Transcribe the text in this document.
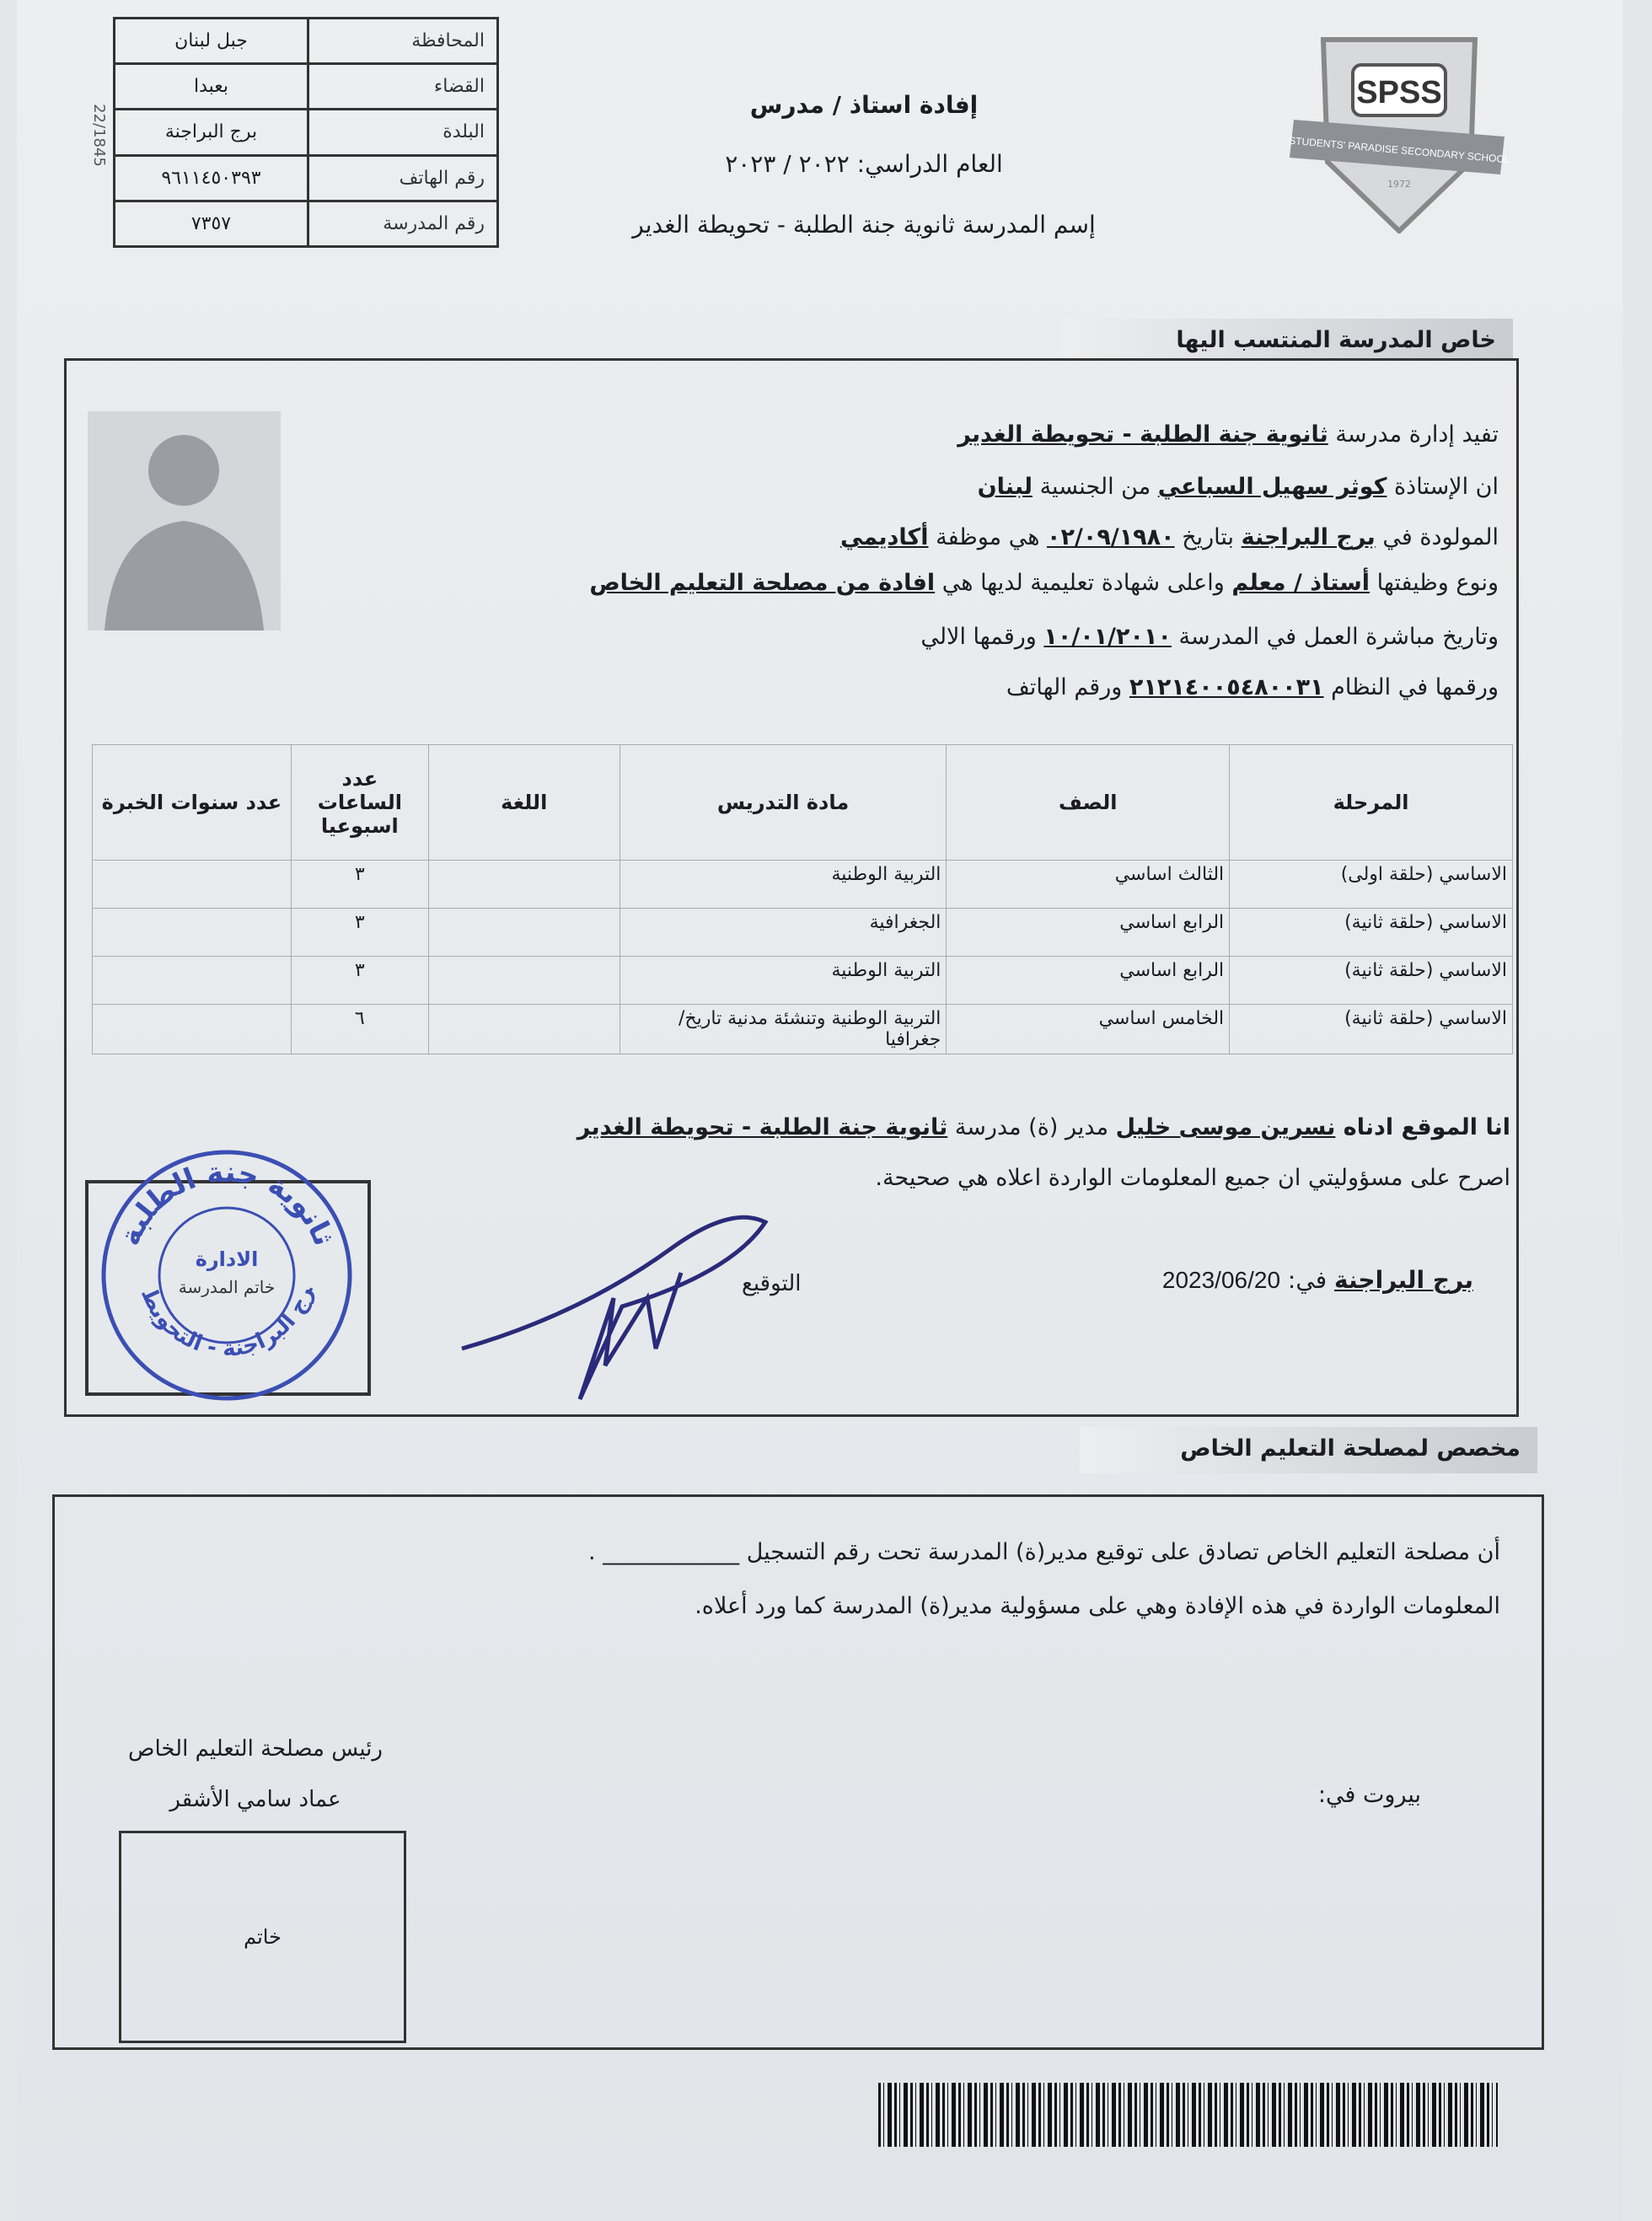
22/1845
جبل لبنان	المحافظة
بعبدا	القضاء
برج البراجنة	البلدة
٩٦١١٤٥٠٣٩٣	رقم الهاتف
٧٣٥٧	رقم المدرسة
إفادة استاذ / مدرس
العام الدراسي: ٢٠٢٢ / ٢٠٢٣
إسم المدرسة ثانوية جنة الطلبة - تحويطة الغدير
SPSS
STUDENTS' PARADISE SECONDARY SCHOOL
1972
خاص المدرسة المنتسب اليها
تفيد إدارة مدرسة ثانوية جنة الطلبة - تحويطة الغدير
ان الإستاذة كوثر سهيل السباعي من الجنسية لبنان
المولودة في برج البراجنة بتاريخ ٠٢/٠٩/١٩٨٠ هي موظفة أكاديمي
ونوع وظيفتها أستاذ / معلم واعلى شهادة تعليمية لديها هي افادة من مصلحة التعليم الخاص
وتاريخ مباشرة العمل في المدرسة ١٠/٠١/٢٠١٠ ورقمها الالي
ورقمها في النظام ٢١٢١٤٠٠٥٤٨٠٠٣١ ورقم الهاتف
عدد سنوات الخبرة	عدد الساعات اسبوعيا	اللغة	مادة التدريس	الصف	المرحلة
	٣		التربية الوطنية	الثالث اساسي	الاساسي (حلقة اولى)
	٣		الجغرافية	الرابع اساسي	الاساسي (حلقة ثانية)
	٣		التربية الوطنية	الرابع اساسي	الاساسي (حلقة ثانية)
	٦		التربية الوطنية وتنشئة مدنية تاريخ/ جغرافيا	الخامس اساسي	الاساسي (حلقة ثانية)
انا الموقع ادناه نسرين موسى خليل مدير (ة) مدرسة ثانوية جنة الطلبة - تحويطة الغدير
اصرح على مسؤوليتي ان جميع المعلومات الواردة اعلاه هي صحيحة.
برج البراجنة في: 2023/06/20
التوقيع
ثانوية جنة الطلبة
رج البراجنة - التحويط
الادارة
خاتم المدرسة
مخصص لمصلحة التعليم الخاص
أن مصلحة التعليم الخاص تصادق على توقيع مدير(ة) المدرسة تحت رقم التسجيل ____________ .
المعلومات الواردة في هذه الإفادة وهي على مسؤولية مدير(ة) المدرسة كما ورد أعلاه.
رئيس مصلحة التعليم الخاص
عماد سامي الأشقر	بيروت في:
خاتم
